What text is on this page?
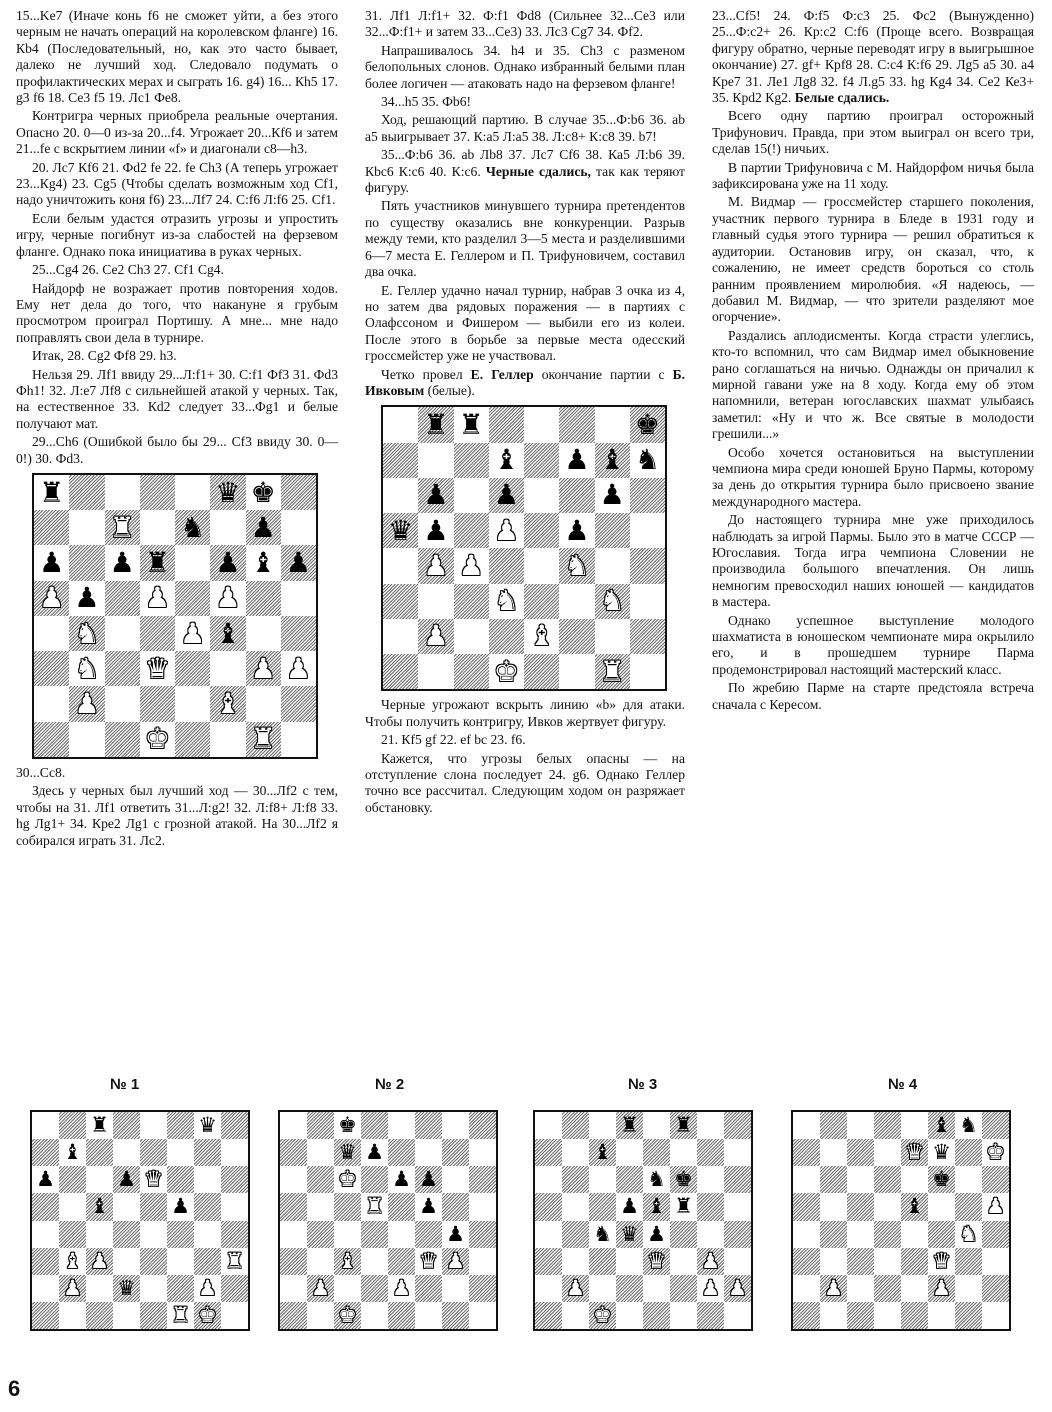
15...Ke7 (Иначе конь f6 не сможет уйти, а без этого черным не начать операций на королевском фланге) 16. Кb4 (Последовательный, но, как это часто бывает, далеко не лучший ход. Следовало подумать о профилактических мерах и сыграть 16. g4) 16... Кh5 17. g3 f6 18. Се3 f5 19. Лс1 Фе8.

Контригра черных приобрела реальные очертания. Опасно 20. 0—0 из-за 20...f4. Угрожает 20...Кf6 и затем 21...fe с вскрытием линии «f» и диагонали c8—h3.

20. Лс7 Кf6 21. Фd2 fe 22. fe Ch3 (А теперь угрожает 23...Кg4) 23. Cg5 (Чтобы сделать возможным ход Сf1, надо уничтожить коня f6) 23...Лf7 24. С:f6 Л:f6 25. Сf1.

Если белым удастся отразить угрозы и упростить игру, черные погибнут из-за слабостей на ферзевом фланге. Однако пока инициатива в руках черных.

25...Cg4 26. Се2 Ch3 27. Сf1 Cg4.

Найдорф не возражает против повторения ходов. Ему нет дела до того, что накануне я грубым просмотром проиграл Портишу. А мне... мне надо поправлять свои дела в турнире.

Итак, 28. Cg2 Фf8 29. h3.

Нельзя 29. Лf1 ввиду 29...Л:f1+ 30. С:f1 Фf3 31. Фd3 Фh1! 32. Л:е7 Лf8 с сильнейшей атакой у черных. Так, на естественное 33. Кd2 следует 33...Фg1 и белые получают мат.

29...Сh6 (Ошибкой было бы 29... Сf3 ввиду 30. 0—0!) 30. Фd3.

♜	♛ ♚
♜ ♞ ♟
♟ ♟ ♜ ♟ ♝ ♟
♟ ♟ ♟ ♟
♞	♟ ♝
♞ ♛	♟ ♟
♟	♝
♚	♜

30...Сс8.

Здесь у черных был лучший ход — 30...Лf2 с тем, чтобы на 31. Лf1 ответить 31...Л:g2! 32. Л:f8+ Л:f8 33. hg Лg1+ 34. Кре2 Лg1 с грозной атакой. На 30...Лf2 я собирался играть 31. Лс2.

31. Лf1 Л:f1+ 32. Ф:f1 Фd8 (Сильнее 32...Се3 или 32...Ф:f1+ и затем 33...Се3) 33. Лс3 Cg7 34. Фf2.

Напрашивалось 34. h4 и 35. Ch3 с разменом белопольных слонов. Однако избранный белыми план более логичен — атаковать надо на ферзевом фланге!

34...h5 35. Фb6!

Ход, решающий партию. В случае 35...Ф:b6 36. ab а5 выигрывает 37. К:а5 Л:а5 38. Л:с8+ К:с8 39. b7!

35...Ф:b6 36. ab Лb8 37. Лс7 Cf6 38. Ка5 Л:b6 39. Кbс6 К:с6 40. К:с6. Черные сдались, так как теряют фигуру.

Пять участников минувшего турнира претендентов по существу оказались вне конкуренции. Разрыв между теми, кто разделил 3—5 места и разделившими 6—7 места Е. Геллером и П. Трифуновичем, составил два очка.

Е. Геллер удачно начал турнир, набрав 3 очка из 4, но затем два рядовых поражения — в партиях с Олафссоном и Фишером — выбили его из колеи. После этого в борьбе за первые места одесский гроссмейстер уже не участвовал.

Четко провел Е. Геллер окончание партии с Б. Ивковым (белые).

♜ ♜	♚
♝ ♟ ♝ ♞
♟ ♟	♟
♛ ♟ ♟ ♟
♟ ♟	♞
♞	♞
♟	♝
♚	♜

Черные угрожают вскрыть линию «b» для атаки. Чтобы получить контригру, Ивков жертвует фигуру.

21. Кf5 gf 22. ef bc 23. f6.

Кажется, что угрозы белых опасны — на отступление слона последует 24. g6. Однако Геллер точно все рассчитал. Следующим ходом он разряжает обстановку.

23...Сf5! 24. Ф:f5 Ф:с3 25. Фс2 (Вынужденно) 25...Ф:с2+ 26. Кр:с2 С:f6 (Проще всего. Возвращая фигуру обратно, черные переводят игру в выигрышное окончание) 27. gf+ Крf8 28. С:с4 К:f6 29. Лg5 а5 30. а4 Кре7 31. Ле1 Лg8 32. f4 Л.g5 33. hg Кg4 34. Се2 Ке3+ 35. Кpd2 Кg2. Белые сдались.

Всего одну партию проиграл осторожный Трифунович. Правда, при этом выиграл он всего три, сделав 15(!) ничьих.

В партии Трифуновича с М. Найдорфом ничья была зафиксирована уже на 11 ходу.

М. Видмар — гроссмейстер старшего поколения, участник первого турнира в Бледе в 1931 году и главный судья этого турнира — решил обратиться к аудитории. Остановив игру, он сказал, что, к сожалению, не имеет средств бороться со столь ранним проявлением миролюбия. «Я надеюсь, — добавил М. Видмар, — что зрители разделяют мое огорчение».

Раздались аплодисменты. Когда страсти улеглись, кто-то вспомнил, что сам Видмар имел обыкновение рано соглашаться на ничью. Однажды он причалил к мирной гавани уже на 8 ходу. Когда ему об этом напомнили, ветеран югославских шахмат улыбаясь заметил: «Ну и что ж. Все святые в молодости грешили...»

Особо хочется остановиться на выступлении чемпиона мира среди юношей Бруно Пармы, которому за день до открытия турнира было присвоено звание международного мастера.

До настоящего турнира мне уже приходилось наблюдать за игрой Пармы. Было это в матче СССР — Югославия. Тогда игра чемпиона Словении не производила большого впечатления. Он лишь немногим превосходил наших юношей — кандидатов в мастера.

Однако успешное выступление молодого шахматиста в юношеском чемпионате мира окрылило его, и в прошедшем турнире Парма продемонстрировал настоящий мастерский класс.

По жребию Парме на старте предстояла встреча сначала с Кересом.

№ 1	№ 2	№ 3	№ 4
♜	♛
♝
♟	♟ ♛
♝	♟
♝ ♟	♜
♟ ♛	♟
♜ ♚
♚
♛ ♟
♚ ♟ ♟
♜ ♟
♟
♝	♛ ♟
♟	♟
♚
♜ ♜
♝
♞ ♚
♟ ♝ ♜
♞ ♛ ♟
♛ ♟
♟	♟ ♟
♚
♝ ♞
♛ ♛ ♚
♚
♝	♟
♞
♛
♟	♟
6
